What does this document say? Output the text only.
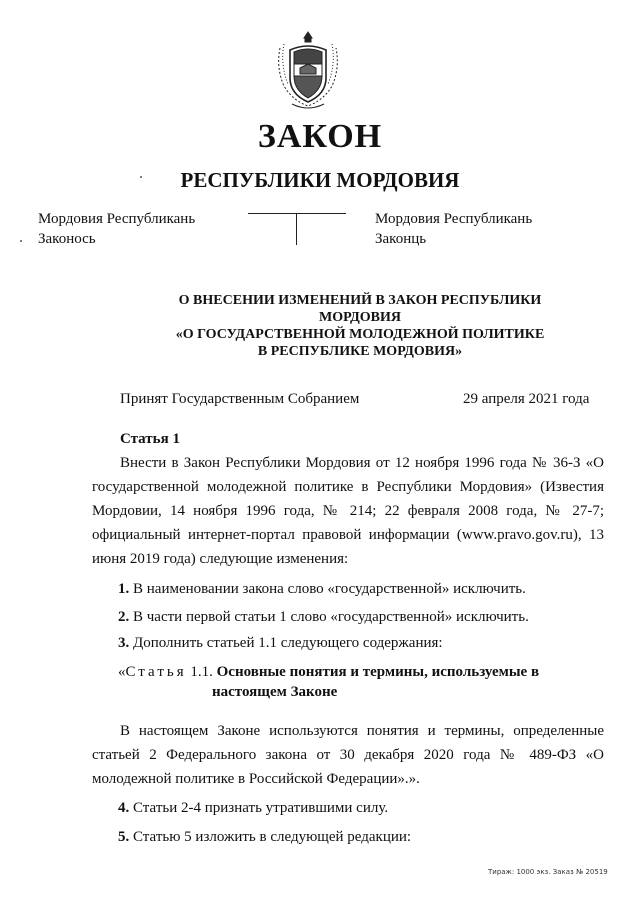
ЗАКОН
РЕСПУБЛИКИ МОРДОВИЯ
Мордовия Республикань
Законось
Мордовия Республикань
Законць
О ВНЕСЕНИИ ИЗМЕНЕНИЙ В ЗАКОН РЕСПУБЛИКИ МОРДОВИЯ
«О ГОСУДАРСТВЕННОЙ МОЛОДЕЖНОЙ ПОЛИТИКЕ
В РЕСПУБЛИКЕ МОРДОВИЯ»
Принят Государственным Собранием	29 апреля 2021 года
Статья 1
Внести в Закон Республики Мордовия от 12 ноября 1996 года № 36-З «О государственной молодежной политике в Республики Мордовия» (Известия Мордовии, 14 ноября 1996 года, № 214; 22 февраля 2008 года, № 27-7; официальный интернет-портал правовой информации (www.pravo.gov.ru), 13 июня 2019 года) следующие изменения:
1. В наименовании закона слово «государственной» исключить.
2. В части первой статьи 1 слово «государственной» исключить.
3. Дополнить статьей 1.1 следующего содержания:
«Статья 1.1. Основные понятия и термины, используемые в
настоящем Законе
В настоящем Законе используются понятия и термины, определенные статьей 2 Федерального закона от 30 декабря 2020 года № 489-ФЗ «О молодежной политике в Российской Федерации».».
4. Статьи 2-4 признать утратившими силу.
5. Статью 5 изложить в следующей редакции:
Тираж: 1000 экз. Заказ № 20519
